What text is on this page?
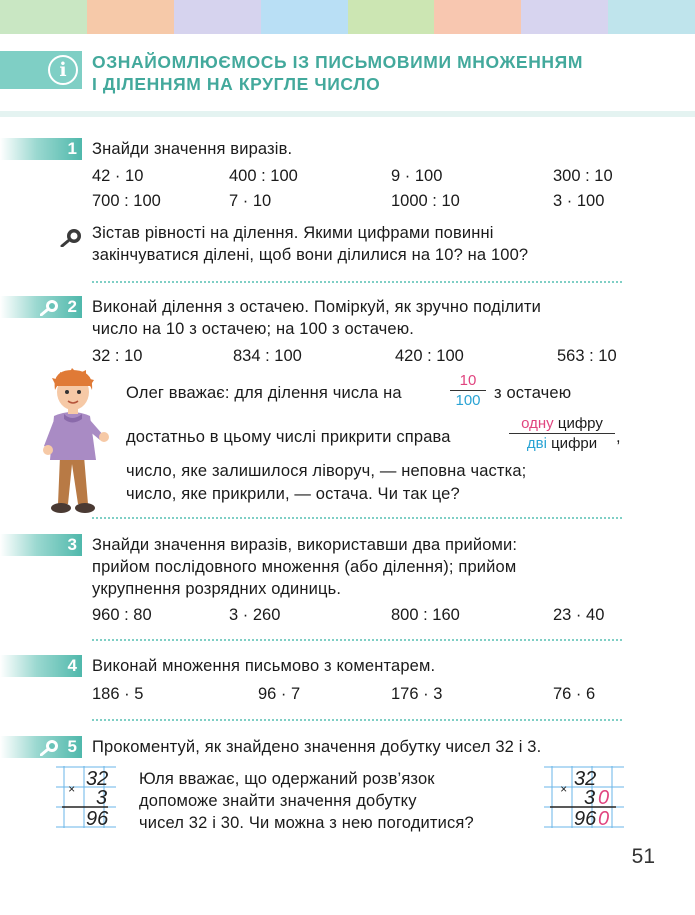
i	ОЗНАЙОМЛЮЄМОСЬ ІЗ ПИСЬМОВИМИ МНОЖЕННЯМ
І ДІЛЕННЯМ НА КРУГЛЕ ЧИСЛО
1 Знайди значення виразів.
42 · 10	400 : 100	9 · 100	300 : 10
700 : 100	7 · 10	1000 : 10	3 · 100
Зістав рівності на ділення. Якими цифрами повинні
закінчуватися ділені, щоб вони ділилися на 10? на 100?
2 Виконай ділення з остачею. Поміркуй, як зручно поділити
число на 10 з остачею; на 100 з остачею.
32 : 10	834 : 100	420 : 100	563 : 10
Олег вважає: для ділення числа на
10
100 з остачею
достатньо в цьому числі прикрити справа
одну цифру
дві цифри	,
число, яке залишилося ліворуч, — неповна частка;
число, яке прикрили, — остача. Чи так це?
3 Знайди значення виразів, використавши два прийоми:
прийом послідовного множення (або ділення); прийом
укрупнення розрядних одиниць.
960 : 80	3 · 260	800 : 160	23 · 40
4 Виконай множення письмово з коментарем.
186 · 5	96 · 7	176 · 3	76 · 6
5 Прокоментуй, як знайдено значення добутку чисел 32 і 3.
× 32
3
96
Юля вважає, що одержаний розв’язок
допоможе знайти значення добутку
чисел 32 і 30. Чи можна з нею погодитися?
× 32
3 0
96 0
51
